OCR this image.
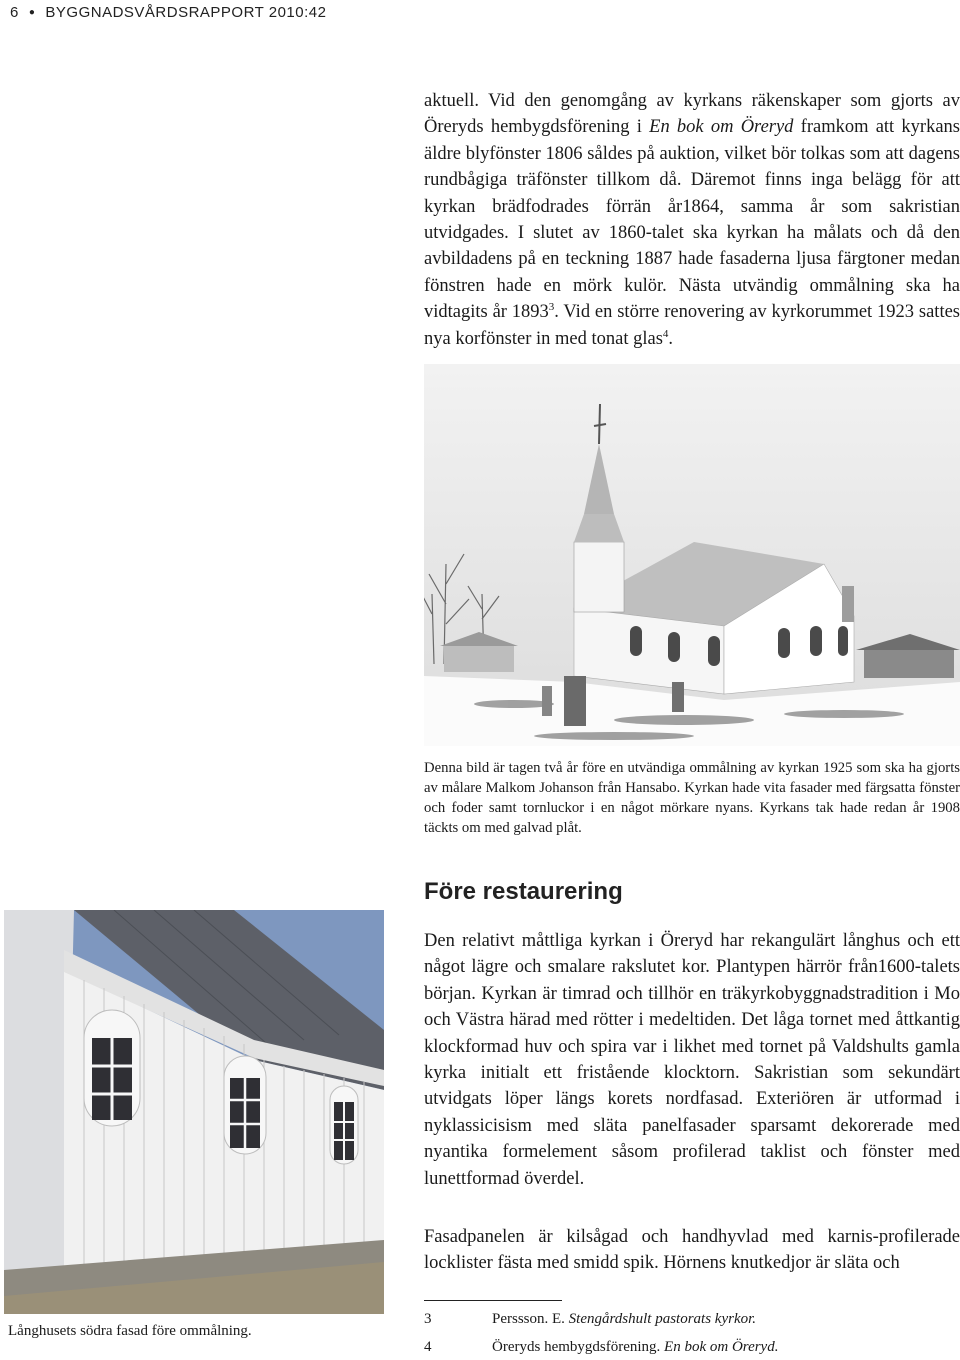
6 ● BYGGNADSVÅRDSRAPPORT 2010:42

aktuell. Vid den genomgång av kyrkans räkenskaper som gjorts av Öreryds hembygdsförening i En bok om Öreryd framkom att kyrkans äldre blyfönster 1806 såldes på auktion, vilket bör tolkas som att dagens rundbågiga träfönster tillkom då. Däremot finns inga belägg för att kyrkan brädfodrades förrän år1864, samma år som sakristian utvidgades. I slutet av 1860-talet ska kyrkan ha målats och då den avbildadens på en teckning 1887 hade fasaderna ljusa färgtoner medan fönstren hade en mörk kulör. Nästa utvändig ommålning ska ha vidtagits år 1893$^3$. Vid en större renovering av kyrkorummet 1923 sattes nya korfönster in med tonat glas$^4$.

Denna bild är tagen två år före en utvändiga ommålning av kyrkan 1925 som ska ha gjorts av målare Malkom Johanson från Hansabo. Kyrkan hade vita fasader med färgsatta fönster och foder samt tornluckor i en något mörkare nyans. Kyrkans tak hade redan år 1908 täckts om med galvad plåt.

Före restaurering

Den relativt måttliga kyrkan i Öreryd har rekangulärt långhus och ett något lägre och smalare rakslutet kor. Plantypen härrör från1600-talets början. Kyrkan är timrad och tillhör en träkyrkobyggnadstradition i Mo och Västra härad med rötter i medeltiden. Det låga tornet med åttkantig klockformad huv och spira var i likhet med tornet på Valdshults gamla kyrka initialt ett fristående klocktorn. Sakristian som sekundärt utvidgats löper längs korets nordfasad. Exteriören är utformad i nyklassicisism med släta panelfasader sparsamt dekorerade med nyantika formelement såsom profilerad taklist och fönster med lunettformad överdel.

Fasadpanelen är kilsågad och handhyvlad med karnis-profilerade locklister fästa med smidd spik. Hörnens knutkedjor är släta och

Långhusets södra fasad före ommålning.

3	Perssson. E. Stengårdshult pastorats kyrkor.
4	Öreryds hembygdsförening. En bok om Öreryd.
